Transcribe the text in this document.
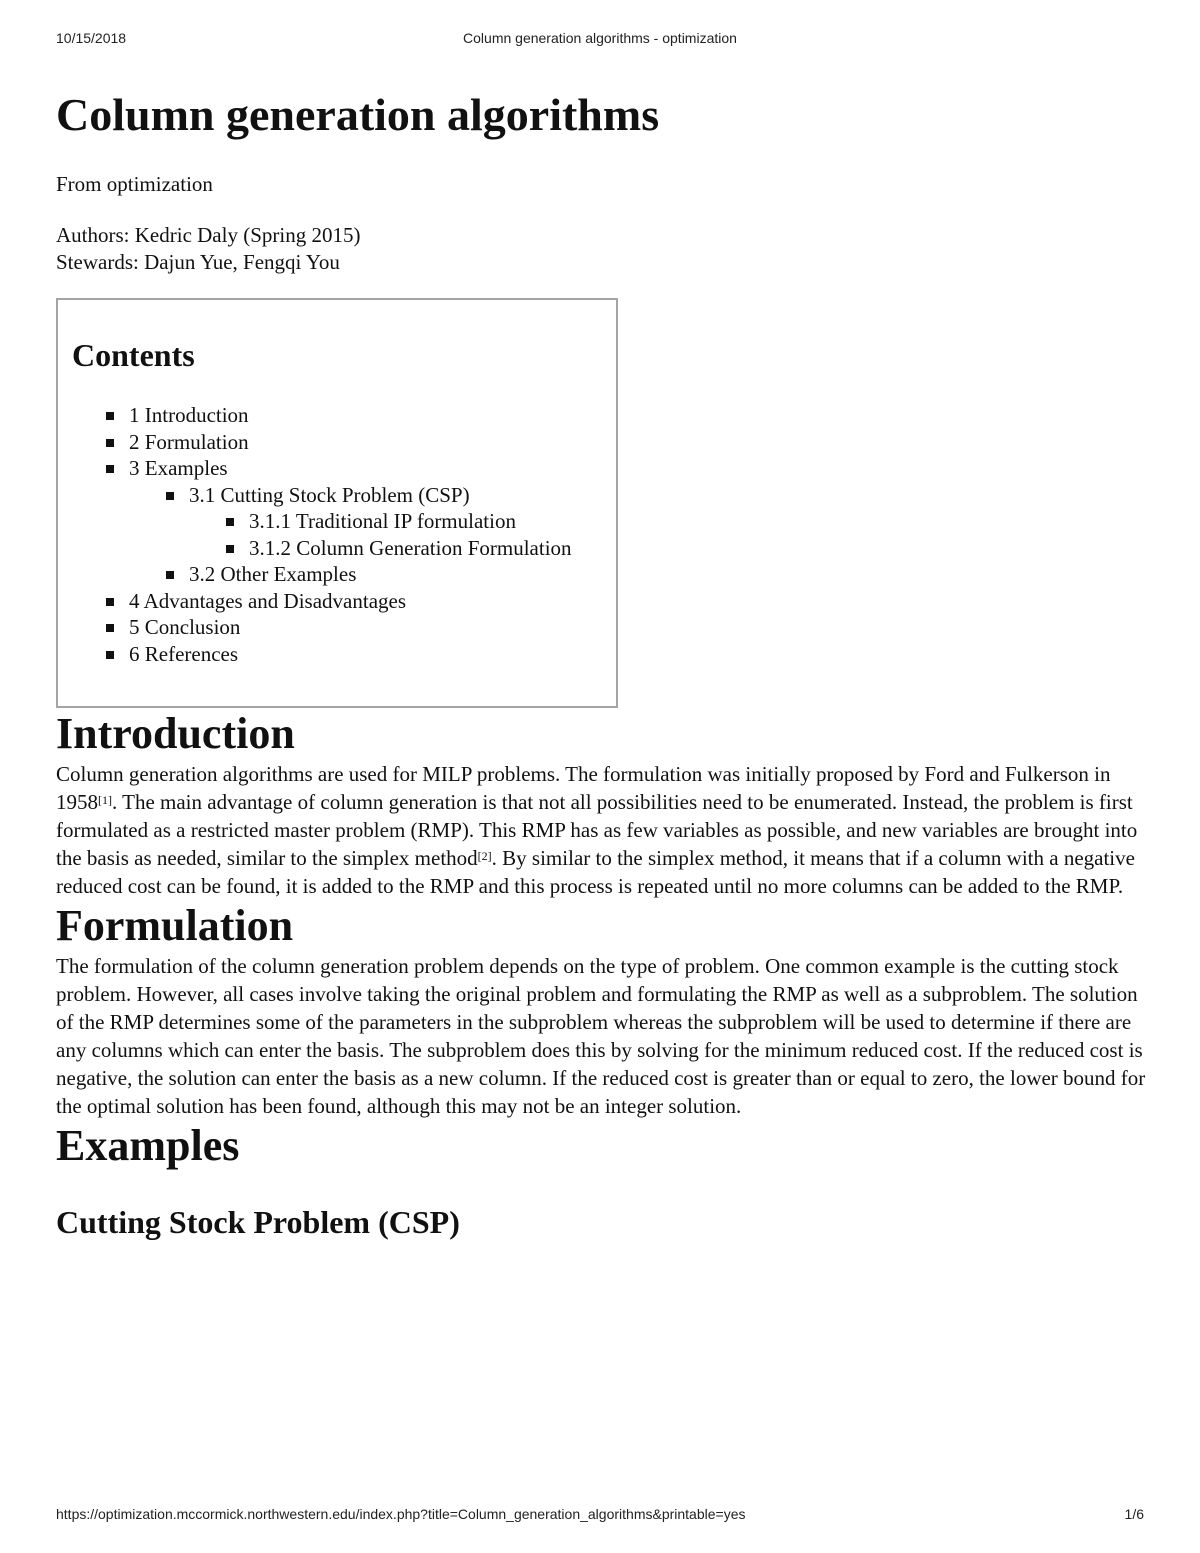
10/15/2018	Column generation algorithms - optimization
Column generation algorithms
From optimization
Authors: Kedric Daly (Spring 2015)
Stewards: Dajun Yue, Fengqi You
Contents
1 Introduction
2 Formulation
3 Examples
3.1 Cutting Stock Problem (CSP)
3.1.1 Traditional IP formulation
3.1.2 Column Generation Formulation
3.2 Other Examples
4 Advantages and Disadvantages
5 Conclusion
6 References
Introduction

Column generation algorithms are used for MILP problems. The formulation was initially proposed by Ford and Fulkerson in 1958[1]. The main advantage of column generation is that not all possibilities need to be enumerated. Instead, the problem is first formulated as a restricted master problem (RMP). This RMP has as few variables as possible, and new variables are brought into the basis as needed, similar to the simplex method[2]. By similar to the simplex method, it means that if a column with a negative reduced cost can be found, it is added to the RMP and this process is repeated until no more columns can be added to the RMP.

Formulation

The formulation of the column generation problem depends on the type of problem. One common example is the cutting stock problem. However, all cases involve taking the original problem and formulating the RMP as well as a subproblem. The solution of the RMP determines some of the parameters in the subproblem whereas the subproblem will be used to determine if there are any columns which can enter the basis. The subproblem does this by solving for the minimum reduced cost. If the reduced cost is negative, the solution can enter the basis as a new column. If the reduced cost is greater than or equal to zero, the lower bound for the optimal solution has been found, although this may not be an integer solution.

Examples
Cutting Stock Problem (CSP)
https://optimization.mccormick.northwestern.edu/index.php?title=Column_generation_algorithms&printable=yes	1/6
